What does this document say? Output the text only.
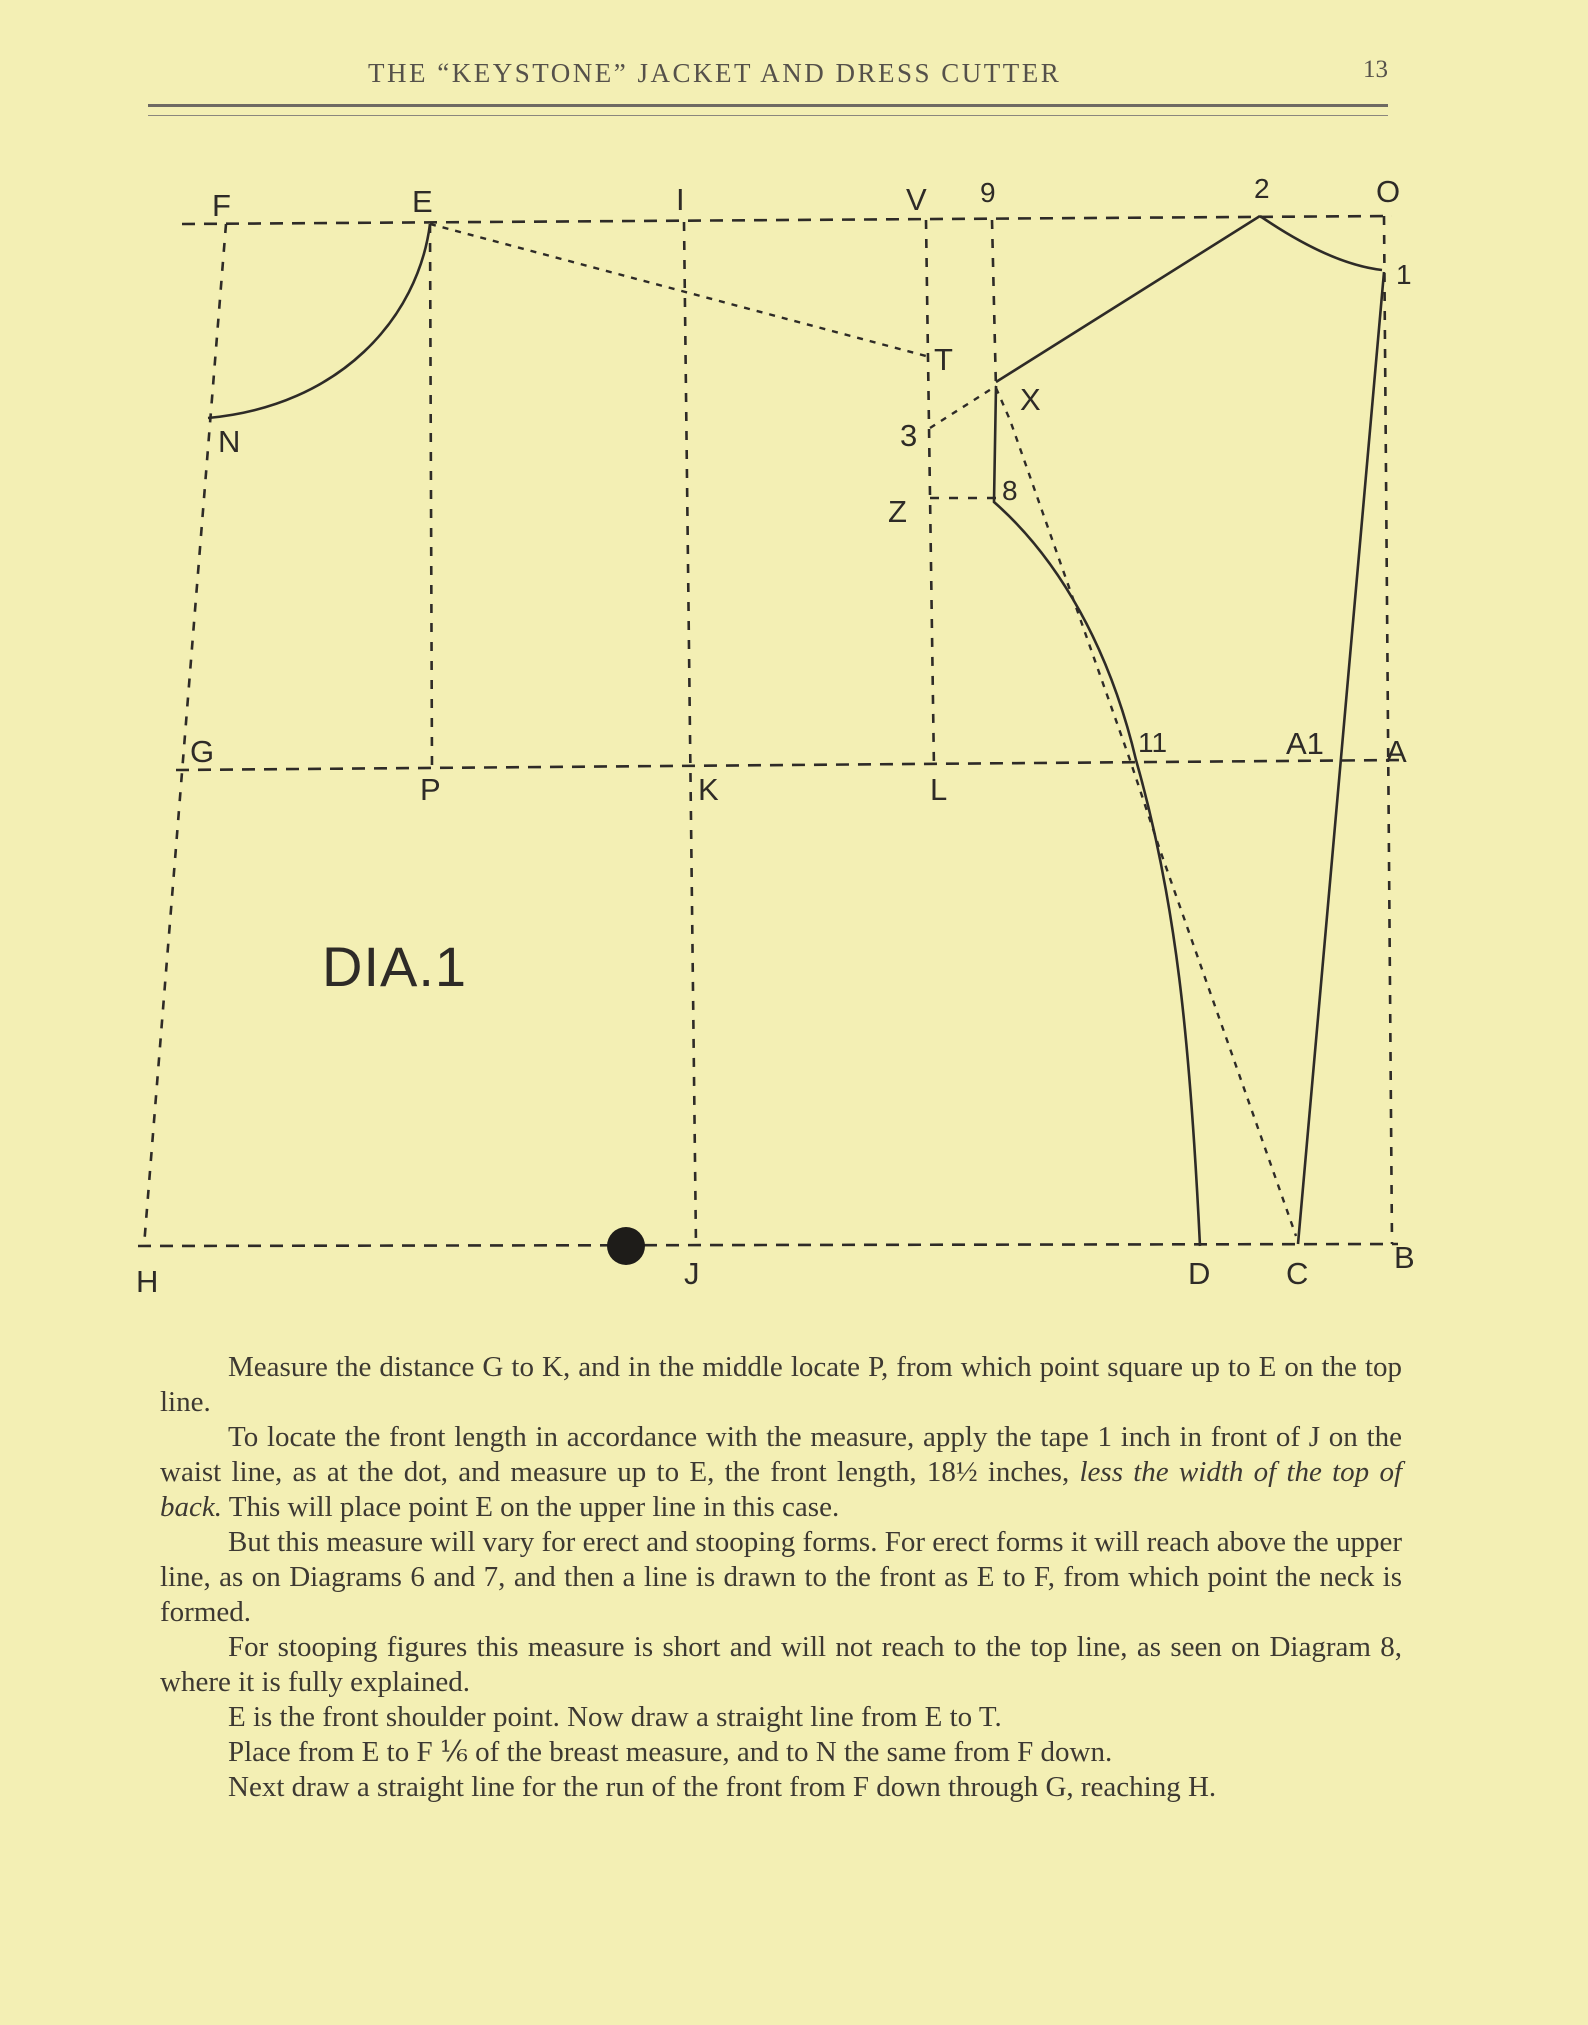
THE “KEYSTONE” JACKET AND DRESS CUTTER	13
F	E	I	V 9	2	O
1
T
X
3
N
Z
8
G
P	K	L
11	A1 A
H	J	D C	B
DIA.1

Measure the distance G to K, and in the middle locate P, from which point square up to E on the top line.

To locate the front length in accordance with the measure, apply the tape 1 inch in front of J on the waist line, as at the dot, and measure up to E, the front length, 18½ inches, less the width of the top of back. This will place point E on the upper line in this case.

But this measure will vary for erect and stooping forms. For erect forms it will reach above the upper line, as on Diagrams 6 and 7, and then a line is drawn to the front as E to F, from which point the neck is formed.

For stooping figures this measure is short and will not reach to the top line, as seen on Diagram 8, where it is fully explained.

E is the front shoulder point. Now draw a straight line from E to T.

Place from E to F ⅙ of the breast measure, and to N the same from F down.

Next draw a straight line for the run of the front from F down through G, reaching H.
